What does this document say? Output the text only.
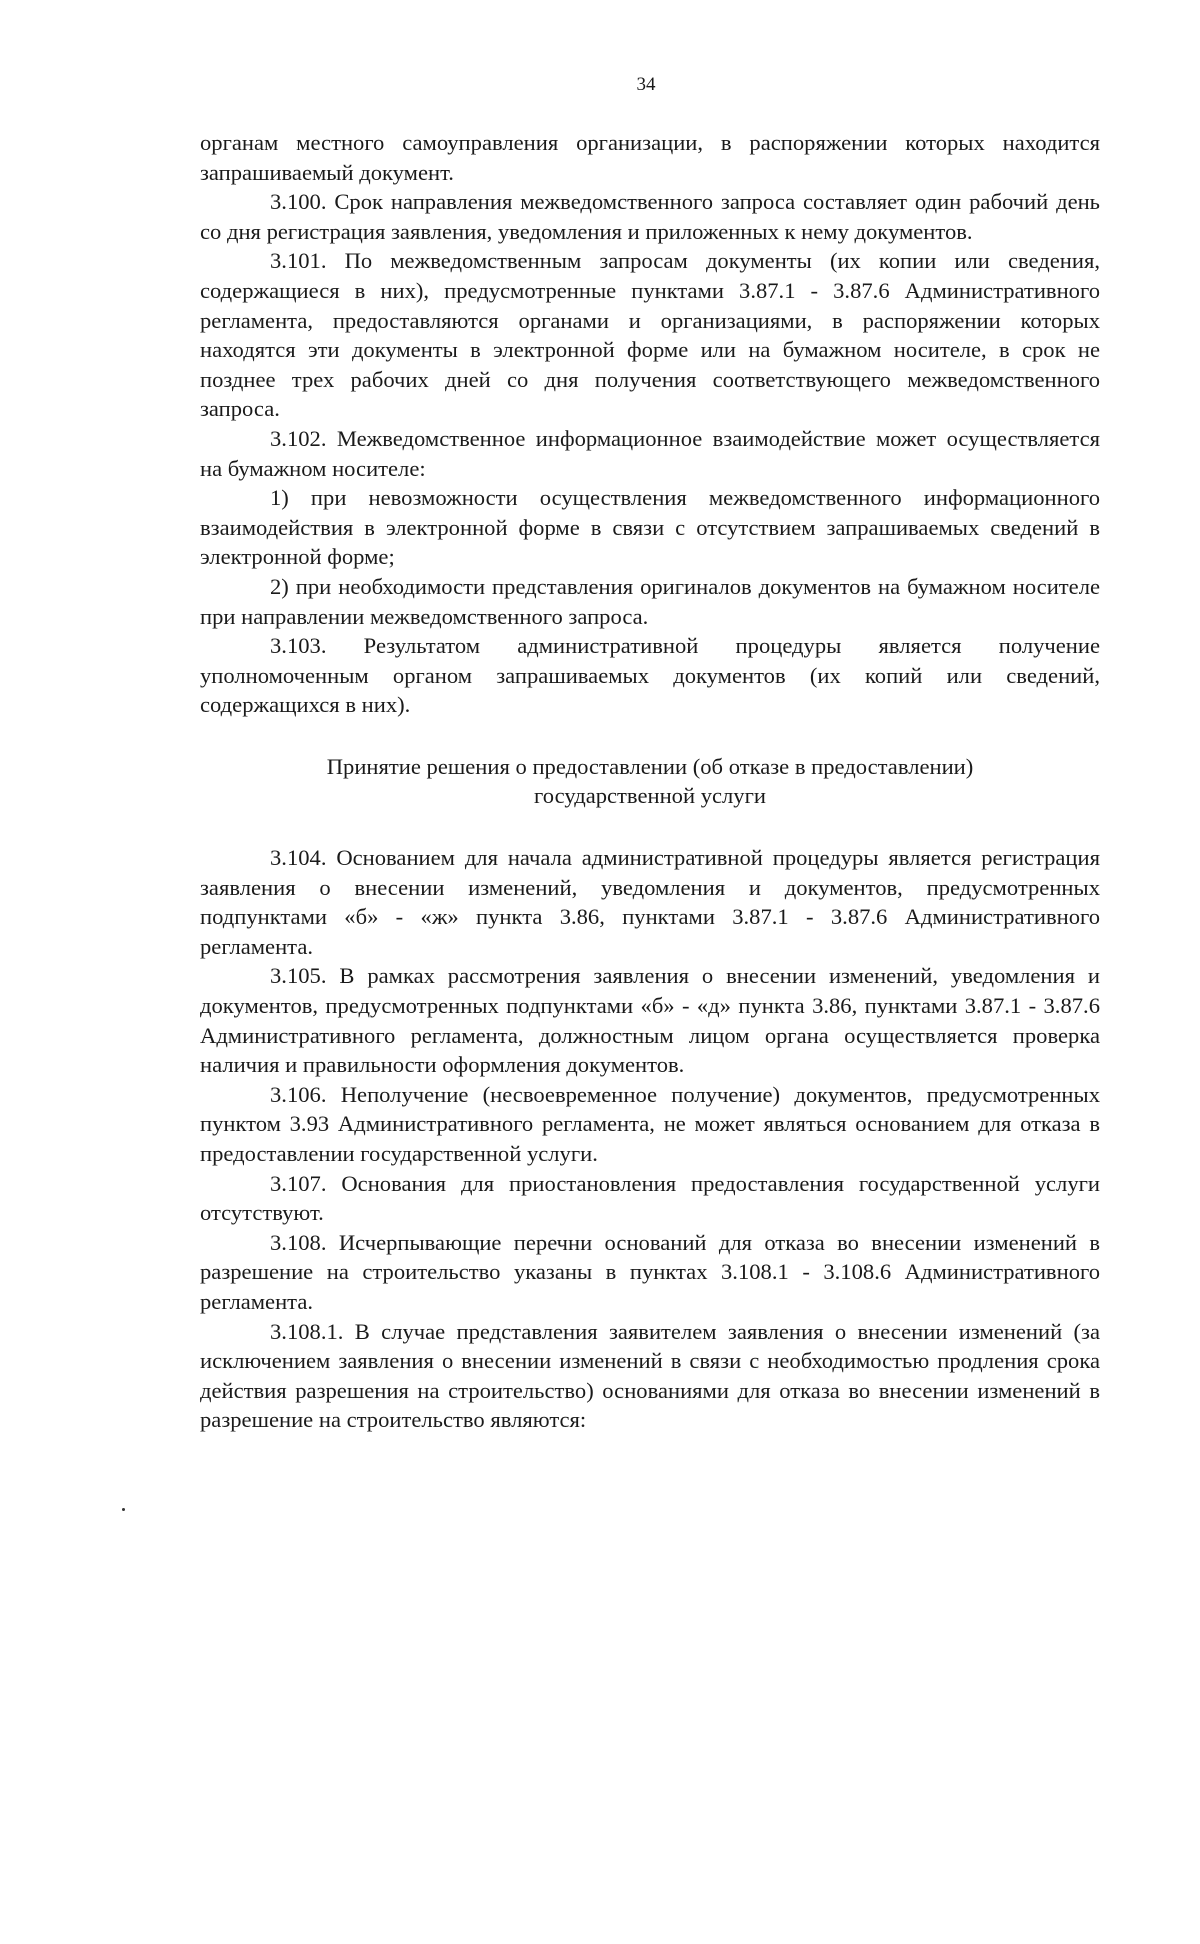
34

органам местного самоуправления организации, в распоряжении которых находится запрашиваемый документ.

3.100. Срок направления межведомственного запроса составляет один рабочий день со дня регистрация заявления, уведомления и приложенных к нему документов.

3.101. По межведомственным запросам документы (их копии или сведения, содержащиеся в них), предусмотренные пунктами 3.87.1 - 3.87.6 Административного регламента, предоставляются органами и организациями, в распоряжении которых находятся эти документы в электронной форме или на бумажном носителе, в срок не позднее трех рабочих дней со дня получения соответствующего межведомственного запроса.

3.102. Межведомственное информационное взаимодействие может осуществляется на бумажном носителе:

1) при невозможности осуществления межведомственного информационного взаимодействия в электронной форме в связи с отсутствием запрашиваемых сведений в электронной форме;

2) при необходимости представления оригиналов документов на бумажном носителе при направлении межведомственного запроса.

3.103. Результатом административной процедуры является получение уполномоченным органом запрашиваемых документов (их копий или сведений, содержащихся в них).

Принятие решения о предоставлении (об отказе в предоставлении)
государственной услуги

3.104. Основанием для начала административной процедуры является регистрация заявления о внесении изменений, уведомления и документов, предусмотренных подпунктами «б» - «ж» пункта 3.86, пунктами 3.87.1 - 3.87.6 Административного регламента.

3.105. В рамках рассмотрения заявления о внесении изменений, уведомления и документов, предусмотренных подпунктами «б» - «д» пункта 3.86, пунктами 3.87.1 - 3.87.6 Административного регламента, должностным лицом органа осуществляется проверка наличия и правильности оформления документов.

3.106. Неполучение (несвоевременное получение) документов, предусмотренных пунктом 3.93 Административного регламента, не может являться основанием для отказа в предоставлении государственной услуги.

3.107. Основания для приостановления предоставления государственной услуги отсутствуют.

3.108. Исчерпывающие перечни оснований для отказа во внесении изменений в разрешение на строительство указаны в пунктах 3.108.1 - 3.108.6 Административного регламента.

3.108.1. В случае представления заявителем заявления о внесении изменений (за исключением заявления о внесении изменений в связи с необходимостью продления срока действия разрешения на строительство) основаниями для отказа во внесении изменений в разрешение на строительство являются:
